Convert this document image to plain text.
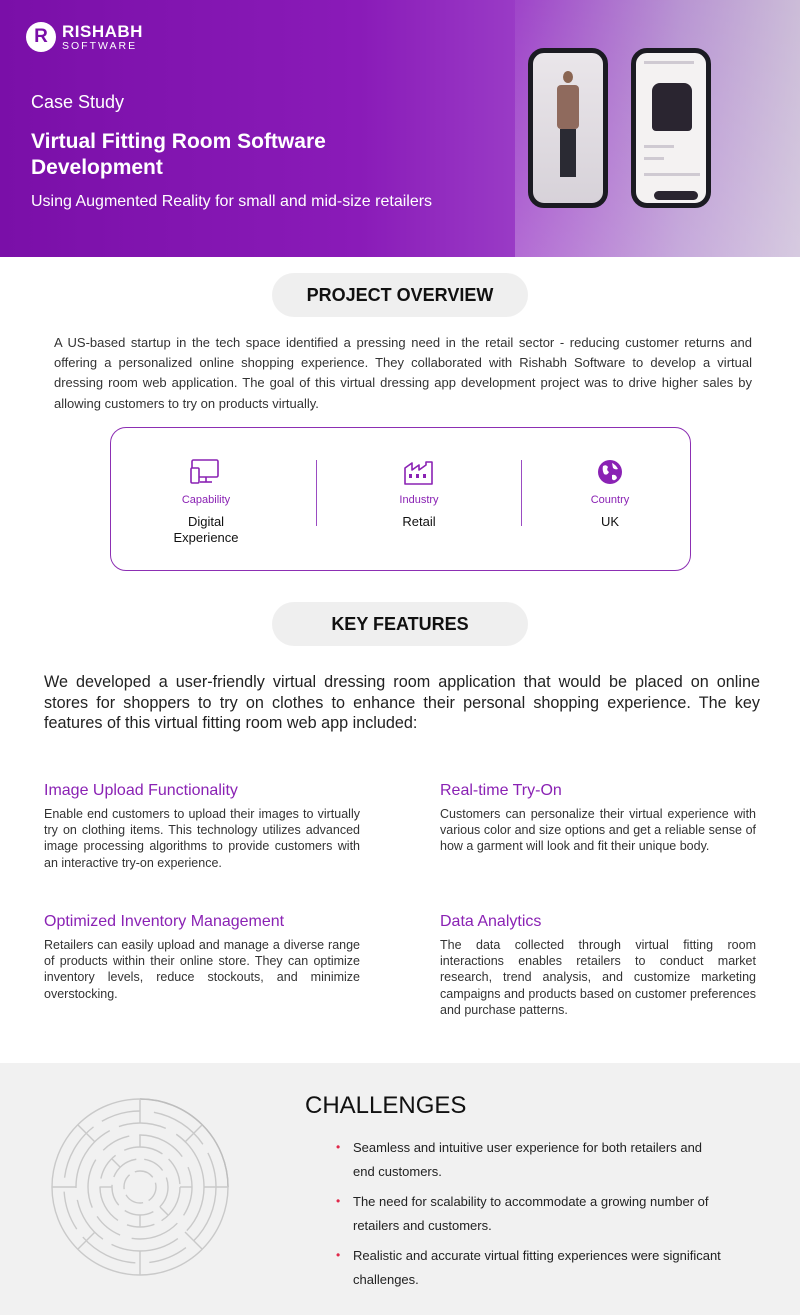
R RISHABH
SOFTWARE
Case Study
Virtual Fitting Room Software Development
Using Augmented Reality for small and mid-size retailers
PROJECT OVERVIEW
A US-based startup in the tech space identified a pressing need in the retail sector - reducing customer returns and offering a personalized online shopping experience. They collaborated with Rishabh Software to develop a virtual dressing room web application. The goal of this virtual dressing app development project was to drive higher sales by allowing customers to try on products virtually.
Capability
Digital Experience
Industry
Retail
Country
UK
KEY FEATURES
We developed a user-friendly virtual dressing room application that would be placed on online stores for shoppers to try on clothes to enhance their personal shopping experience. The key features of this virtual fitting room web app included:
Image Upload Functionality
Enable end customers to upload their images to virtually try on clothing items. This technology utilizes advanced image processing algorithms to provide customers with an interactive try-on experience.
Real-time Try-On
Customers can personalize their virtual experience with various color and size options and get a reliable sense of how a garment will look and fit their unique body.
Optimized Inventory Management
Retailers can easily upload and manage a diverse range of products within their online store. They can optimize inventory levels, reduce stockouts, and minimize overstocking.
Data Analytics
The data collected through virtual fitting room interactions enables retailers to conduct market research, trend analysis, and customize marketing campaigns and products based on customer preferences and purchase patterns.
CHALLENGES
• Seamless and intuitive user experience for both retailers and end customers.
• The need for scalability to accommodate a growing number of retailers and customers.
• Realistic and accurate virtual fitting experiences were significant challenges.
